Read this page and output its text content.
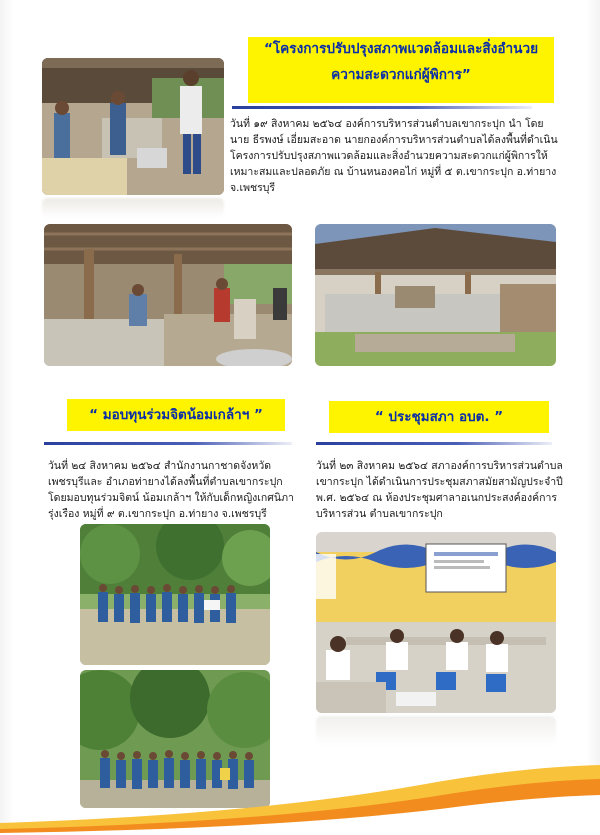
“โครงการปรับปรุงสภาพแวดล้อมและสิ่งอำนวย
ความสะดวกแก่ผู้พิการ”
วันที่ ๑๙ สิงหาคม ๒๕๖๔ องค์การบริหารส่วนตำบลเขากระปุก นำ โดยนาย ธีรพงษ์ เอี่ยมสะอาด นายกองค์การบริหารส่วนตำบลได้ลงพื้นที่ดำเนิน โครงการปรับปรุงสภาพแวดล้อมและสิ่งอำนวยความสะดวกแก่ผู้พิการให้ เหมาะสมและปลอดภัย ณ บ้านหนองคอไก่ หมู่ที่ ๕ ต.เขากระปุก อ.ท่ายาง จ.เพชรบุรี
“ มอบทุนร่วมจิตน้อมเกล้าฯ ”
วันที่ ๒๔ สิงหาคม ๒๕๖๔ สำนักงานกาชาดจังหวัดเพชรบุรีและ อำเภอท่ายางได้ลงพื้นที่ตำบลเขากระปุก โดยมอบทุนร่วมจิตน์ น้อมเกล้าฯ ให้กับเด็กหญิงเกศนิภา รุ่งเรือง หมู่ที่ ๙ ต.เขากระปุก อ.ท่ายาง จ.เพชรบุรี
“ ประชุมสภา อบต. ”
วันที่ ๒๓ สิงหาคม ๒๕๖๔ สภาองค์การบริหารส่วนตำบล เขากระปุก ได้ดำเนินการประชุมสภาสมัยสามัญประจำปี พ.ศ. ๒๕๖๔ ณ ห้องประชุมศาลาอเนกประสงค์องค์การบริหารส่วน ตำบลเขากระปุก
